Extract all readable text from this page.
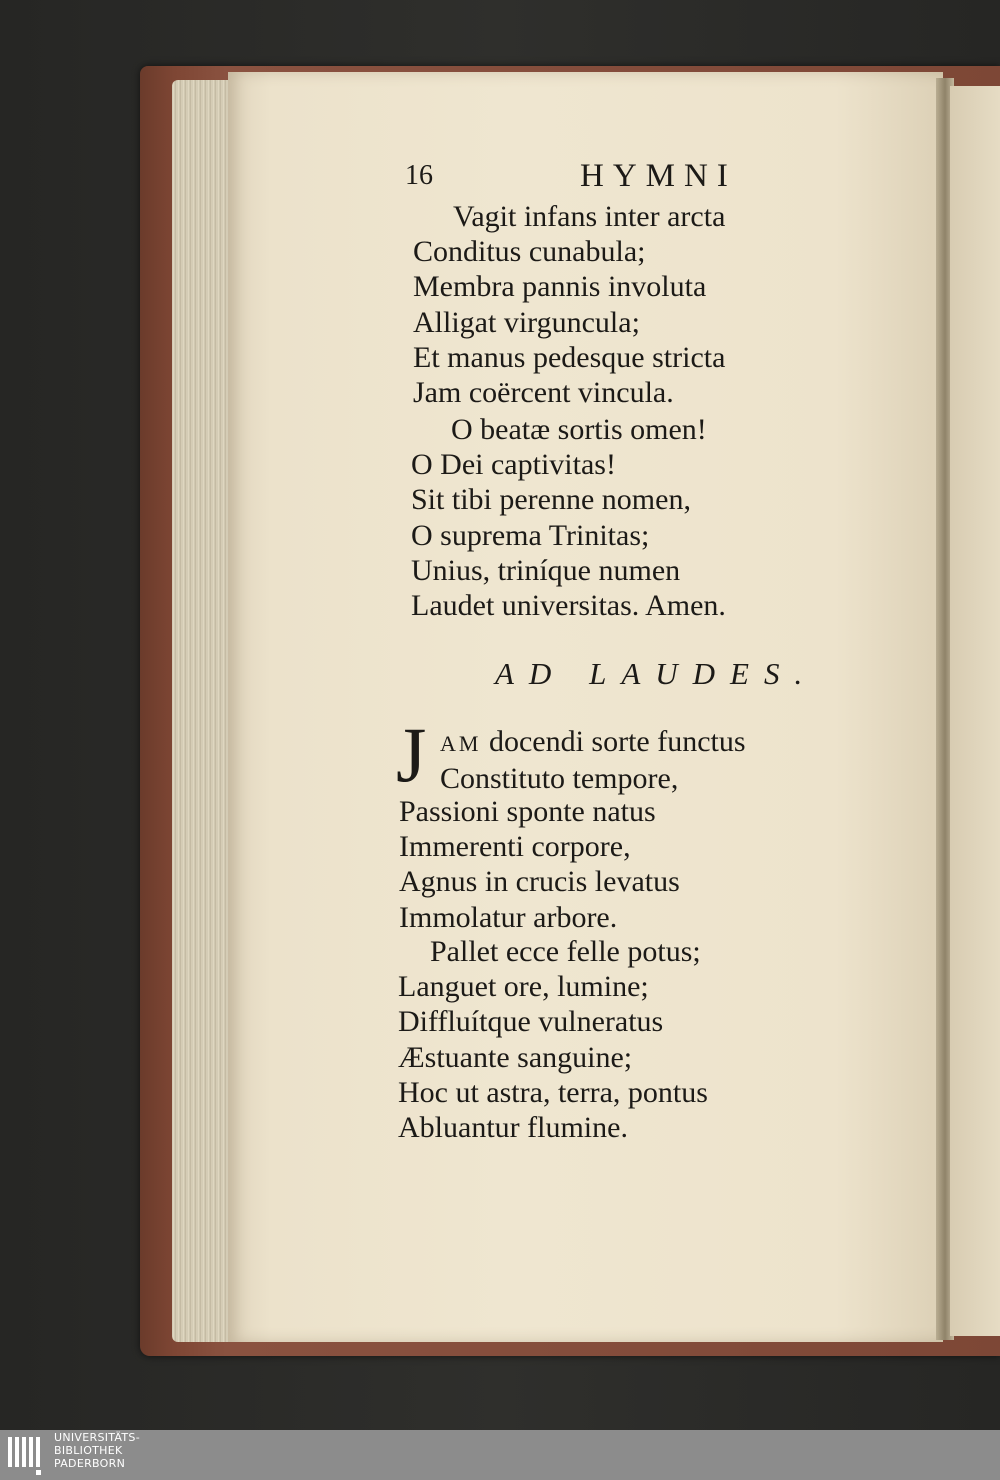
16	HYMNI
Vagit infans inter arcta
Conditus cunabula;
Membra pannis involuta
Alligat virguncula;
Et manus pedesque stricta
Jam coërcent vincula.
O beatæ sortis omen!
O Dei captivitas!
Sit tibi perenne nomen,
O suprema Trinitas;
Unius, triníque numen
Laudet universitas. Amen.
AD LAUDES.
J AM docendi sorte functus
Constituto tempore,
Passioni sponte natus
Immerenti corpore,
Agnus in crucis levatus
Immolatur arbore.
Pallet ecce felle potus;
Languet ore, lumine;
Diffluítque vulneratus
Æstuante sanguine;
Hoc ut astra, terra, pontus
Abluantur flumine.
UNIVERSITÄTS-
BIBLIOTHEK
PADERBORN
